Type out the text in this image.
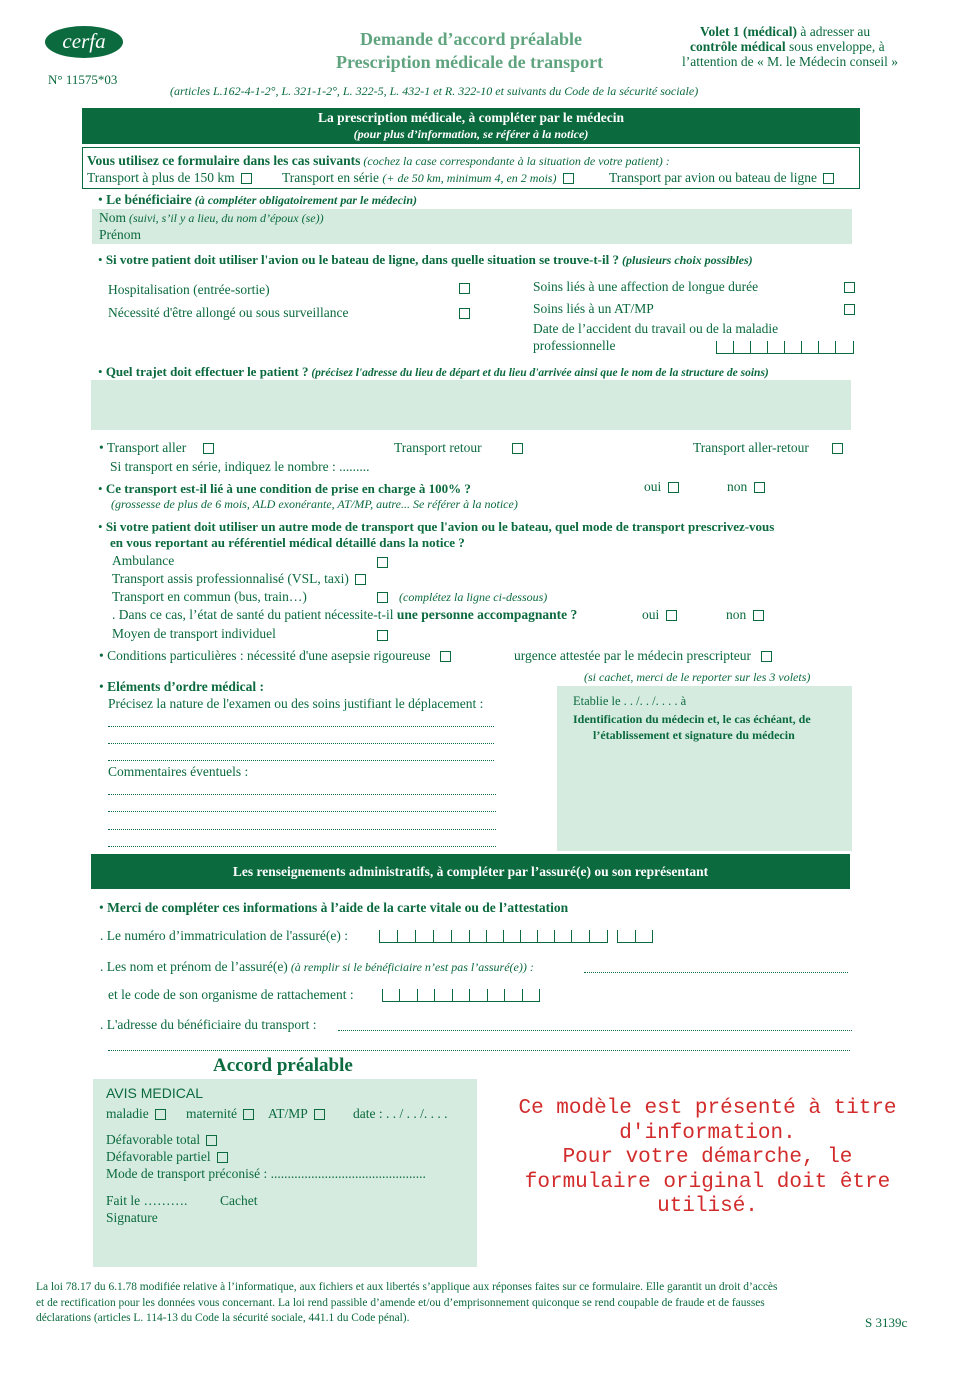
cerfa
N° 11575*03
Demande d’accord préalable
Prescription médicale de transport
Volet 1 (médical) à adresser au
contrôle médical sous enveloppe, à
l’attention de « M. le Médecin conseil »
(articles L.162-4-1-2°, L. 321-1-2°, L. 322-5, L. 432-1 et R. 322-10 et suivants du Code de la sécurité sociale)
La prescription médicale, à compléter par le médecin
(pour plus d’information, se référer à la notice)
Vous utilisez ce formulaire dans les cas suivants (cochez la case correspondante à la situation de votre patient) :
Transport à plus de 150 km	Transport en série (+ de 50 km, minimum 4, en 2 mois)	Transport par avion ou bateau de ligne
• Le bénéficiaire (à compléter obligatoirement par le médecin)
Nom (suivi, s’il y a lieu, du nom d’époux (se))
Prénom
• Si votre patient doit utiliser l'avion ou le bateau de ligne, dans quelle situation se trouve-t-il ? (plusieurs choix possibles)
Hospitalisation (entrée-sortie)
Nécessité d'être allongé ou sous surveillance
Soins liés à une affection de longue durée
Soins liés à un AT/MP
Date de l’accident du travail ou de la maladie
professionnelle
• Quel trajet doit effectuer le patient ? (précisez l'adresse du lieu de départ et du lieu d'arrivée ainsi que le nom de la structure de soins)
• Transport aller	Transport retour	Transport aller-retour
Si transport en série, indiquez le nombre : .........
• Ce transport est-il lié à une condition de prise en charge à 100% ?	oui	non
(grossesse de plus de 6 mois, ALD exonérante, AT/MP, autre... Se référer à la notice)
• Si votre patient doit utiliser un autre mode de transport que l'avion ou le bateau, quel mode de transport prescrivez-vous
en vous reportant au référentiel médical détaillé dans la notice ?
Ambulance
Transport assis professionnalisé (VSL, taxi)
Transport en commun (bus, train…)	(complétez la ligne ci-dessous)
. Dans ce cas, l’état de santé du patient nécessite-t-il une personne accompagnante ?	oui	non
Moyen de transport individuel
• Conditions particulières : nécessité d'une asepsie rigoureuse	urgence attestée par le médecin prescripteur
• Eléments d’ordre médical :
Précisez la nature de l'examen ou des soins justifiant le déplacement :
Commentaires éventuels :
(si cachet, merci de le reporter sur les 3 volets)
Etablie le . . /. . /. . . . à
Identification du médecin et, le cas échéant, de
l’établissement et signature du médecin
Les renseignements administratifs, à compléter par l’assuré(e) ou son représentant
• Merci de compléter ces informations à l’aide de la carte vitale ou de l’attestation
. Le numéro d’immatriculation de l'assuré(e) :
. Les nom et prénom de l’assuré(e) (à remplir si le bénéficiaire n’est pas l’assuré(e)) :
et le code de son organisme de rattachement :
. L'adresse du bénéficiaire du transport :
Accord préalable
AVIS MEDICAL
maladie	maternité	AT/MP	date : . . / . . /. . . .
Défavorable total
Défavorable partiel
Mode de transport préconisé : ..............................................
Fait le ………. Cachet
Signature
Ce modèle est présenté à titre
d'information.
Pour votre démarche, le
formulaire original doit être
utilisé.
La loi 78.17 du 6.1.78 modifiée relative à l’informatique, aux fichiers et aux libertés s’applique aux réponses faites sur ce formulaire. Elle garantit un droit d’accès
et de rectification pour les données vous concernant. La loi rend passible d’amende et/ou d’emprisonnement quiconque se rend coupable de fraude et de fausses
déclarations (articles L. 114-13 du Code la sécurité sociale, 441.1 du Code pénal).	S 3139c
